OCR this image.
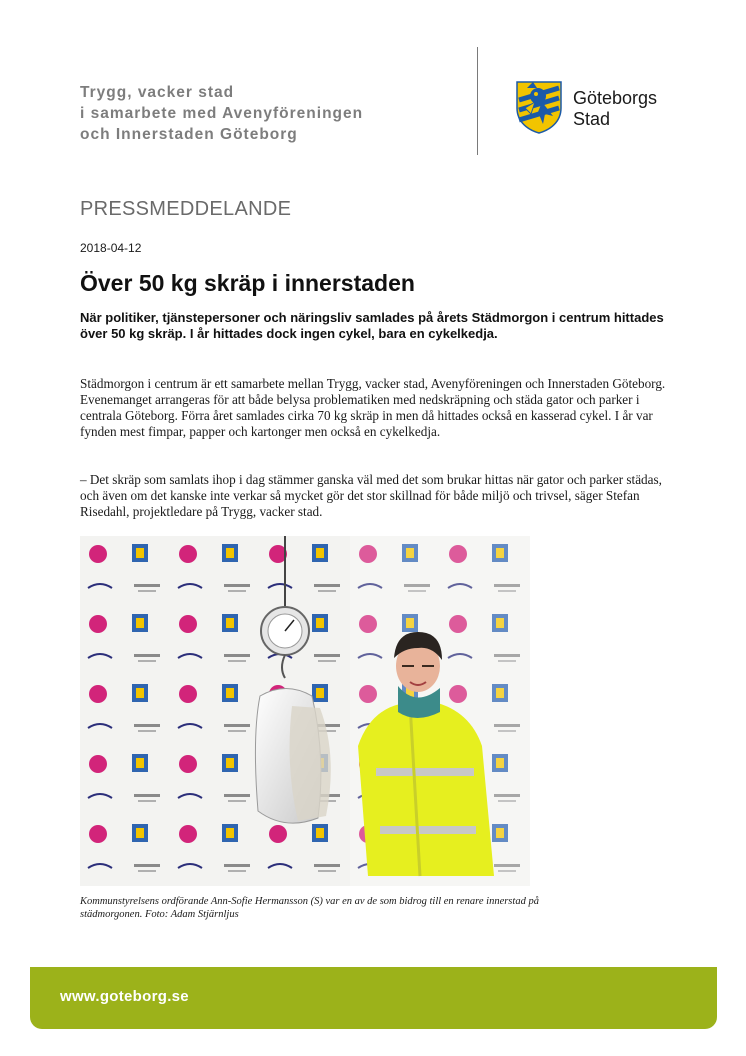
Trygg, vacker stad
i samarbete med Avenyföreningen
och Innerstaden Göteborg
Göteborgs
Stad
PRESSMEDDELANDE
2018-04-12
Över 50 kg skräp i innerstaden

När politiker, tjänstepersoner och näringsliv samlades på årets Städmorgon i centrum hittades över 50 kg skräp. I år hittades dock ingen cykel, bara en cykelkedja.

Städmorgon i centrum är ett samarbete mellan Trygg, vacker stad, Avenyföreningen och Innerstaden Göteborg. Evenemanget arrangeras för att både belysa problematiken med nedskräpning och städa gator och parker i centrala Göteborg. Förra året samlades cirka 70 kg skräp in men då hittades också en kasserad cykel. I år var fynden mest fimpar, papper och kartonger men också en cykelkedja.

– Det skräp som samlats ihop i dag stämmer ganska väl med det som brukar hittas när gator och parker städas, och även om det kanske inte verkar så mycket gör det stor skillnad för både miljö och trivsel, säger Stefan Risedahl, projektledare på Trygg, vacker stad.

Kommunstyrelsens ordförande Ann-Sofie Hermansson (S) var en av de som bidrog till en renare innerstad på städmorgonen. Foto: Adam Stjärnljus

www.goteborg.se
